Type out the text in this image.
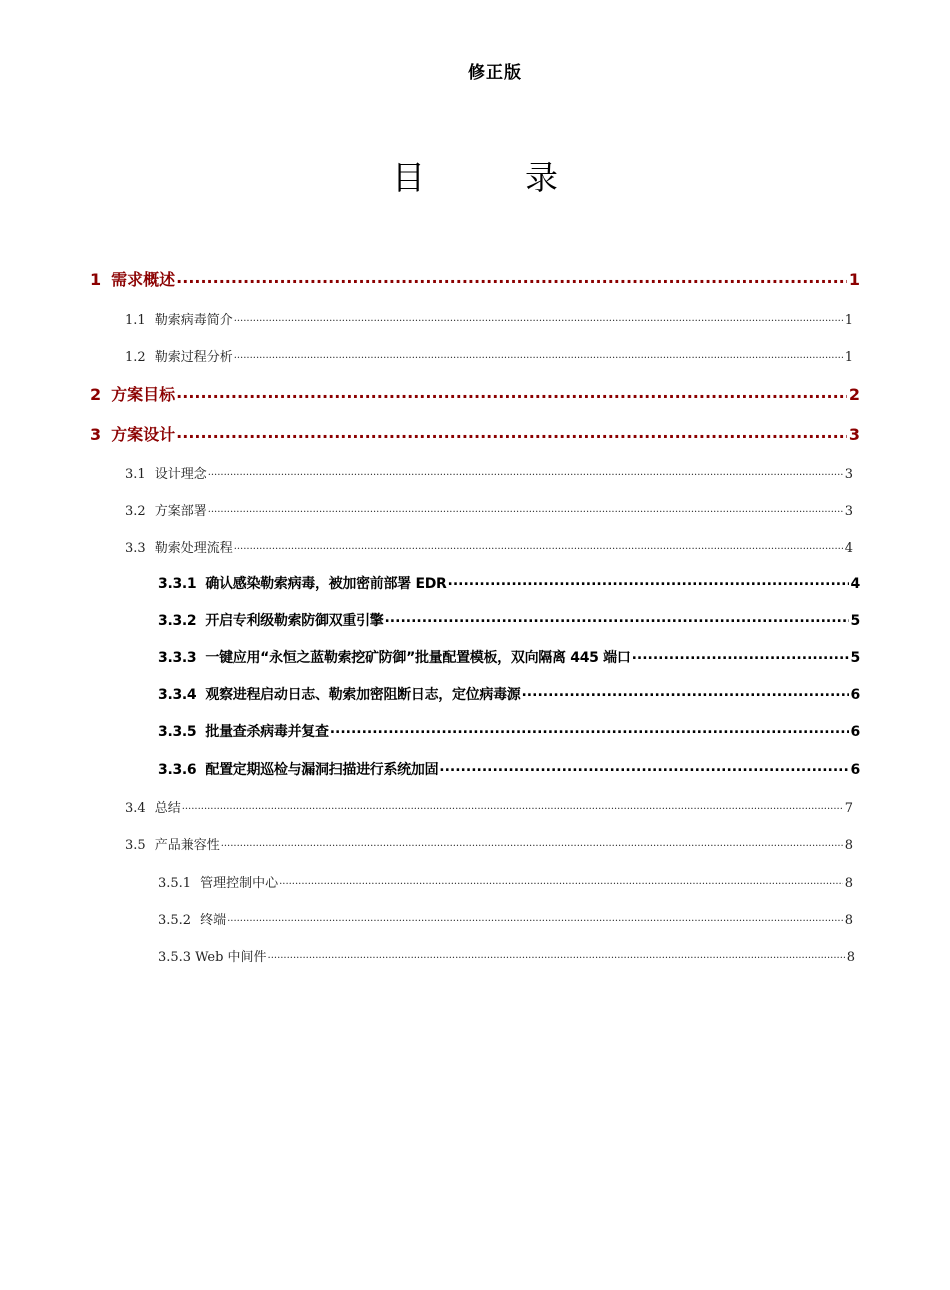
修正版
目	录
1 需求概述 .....	1
1.1 勒索病毒简介 .....	1
1.2 勒索过程分析 .....	1
2 方案目标 .....	2
3 方案设计 .....	3
3.1 设计理念 .....	3
3.2 方案部署 .....	3
3.3 勒索处理流程 .....	4
3.3.1 确认感染勒索病毒，被加密前部署 EDR .....	4
3.3.2 开启专利级勒索防御双重引擎 .....	5
3.3.3 一键应用“永恒之蓝勒索挖矿防御”批量配置模板，双向隔离 445 端口 .....	5
3.3.4 观察进程启动日志、勒索加密阻断日志，定位病毒源 .....	6
3.3.5 批量查杀病毒并复查 .....	6
3.3.6 配置定期巡检与漏洞扫描进行系统加固 .....	6
3.4 总结 .....	7
3.5 产品兼容性 .....	8
3.5.1 管理控制中心 .....	8
3.5.2 终端 .....	8
3.5.3 Web 中间件 .....	8
